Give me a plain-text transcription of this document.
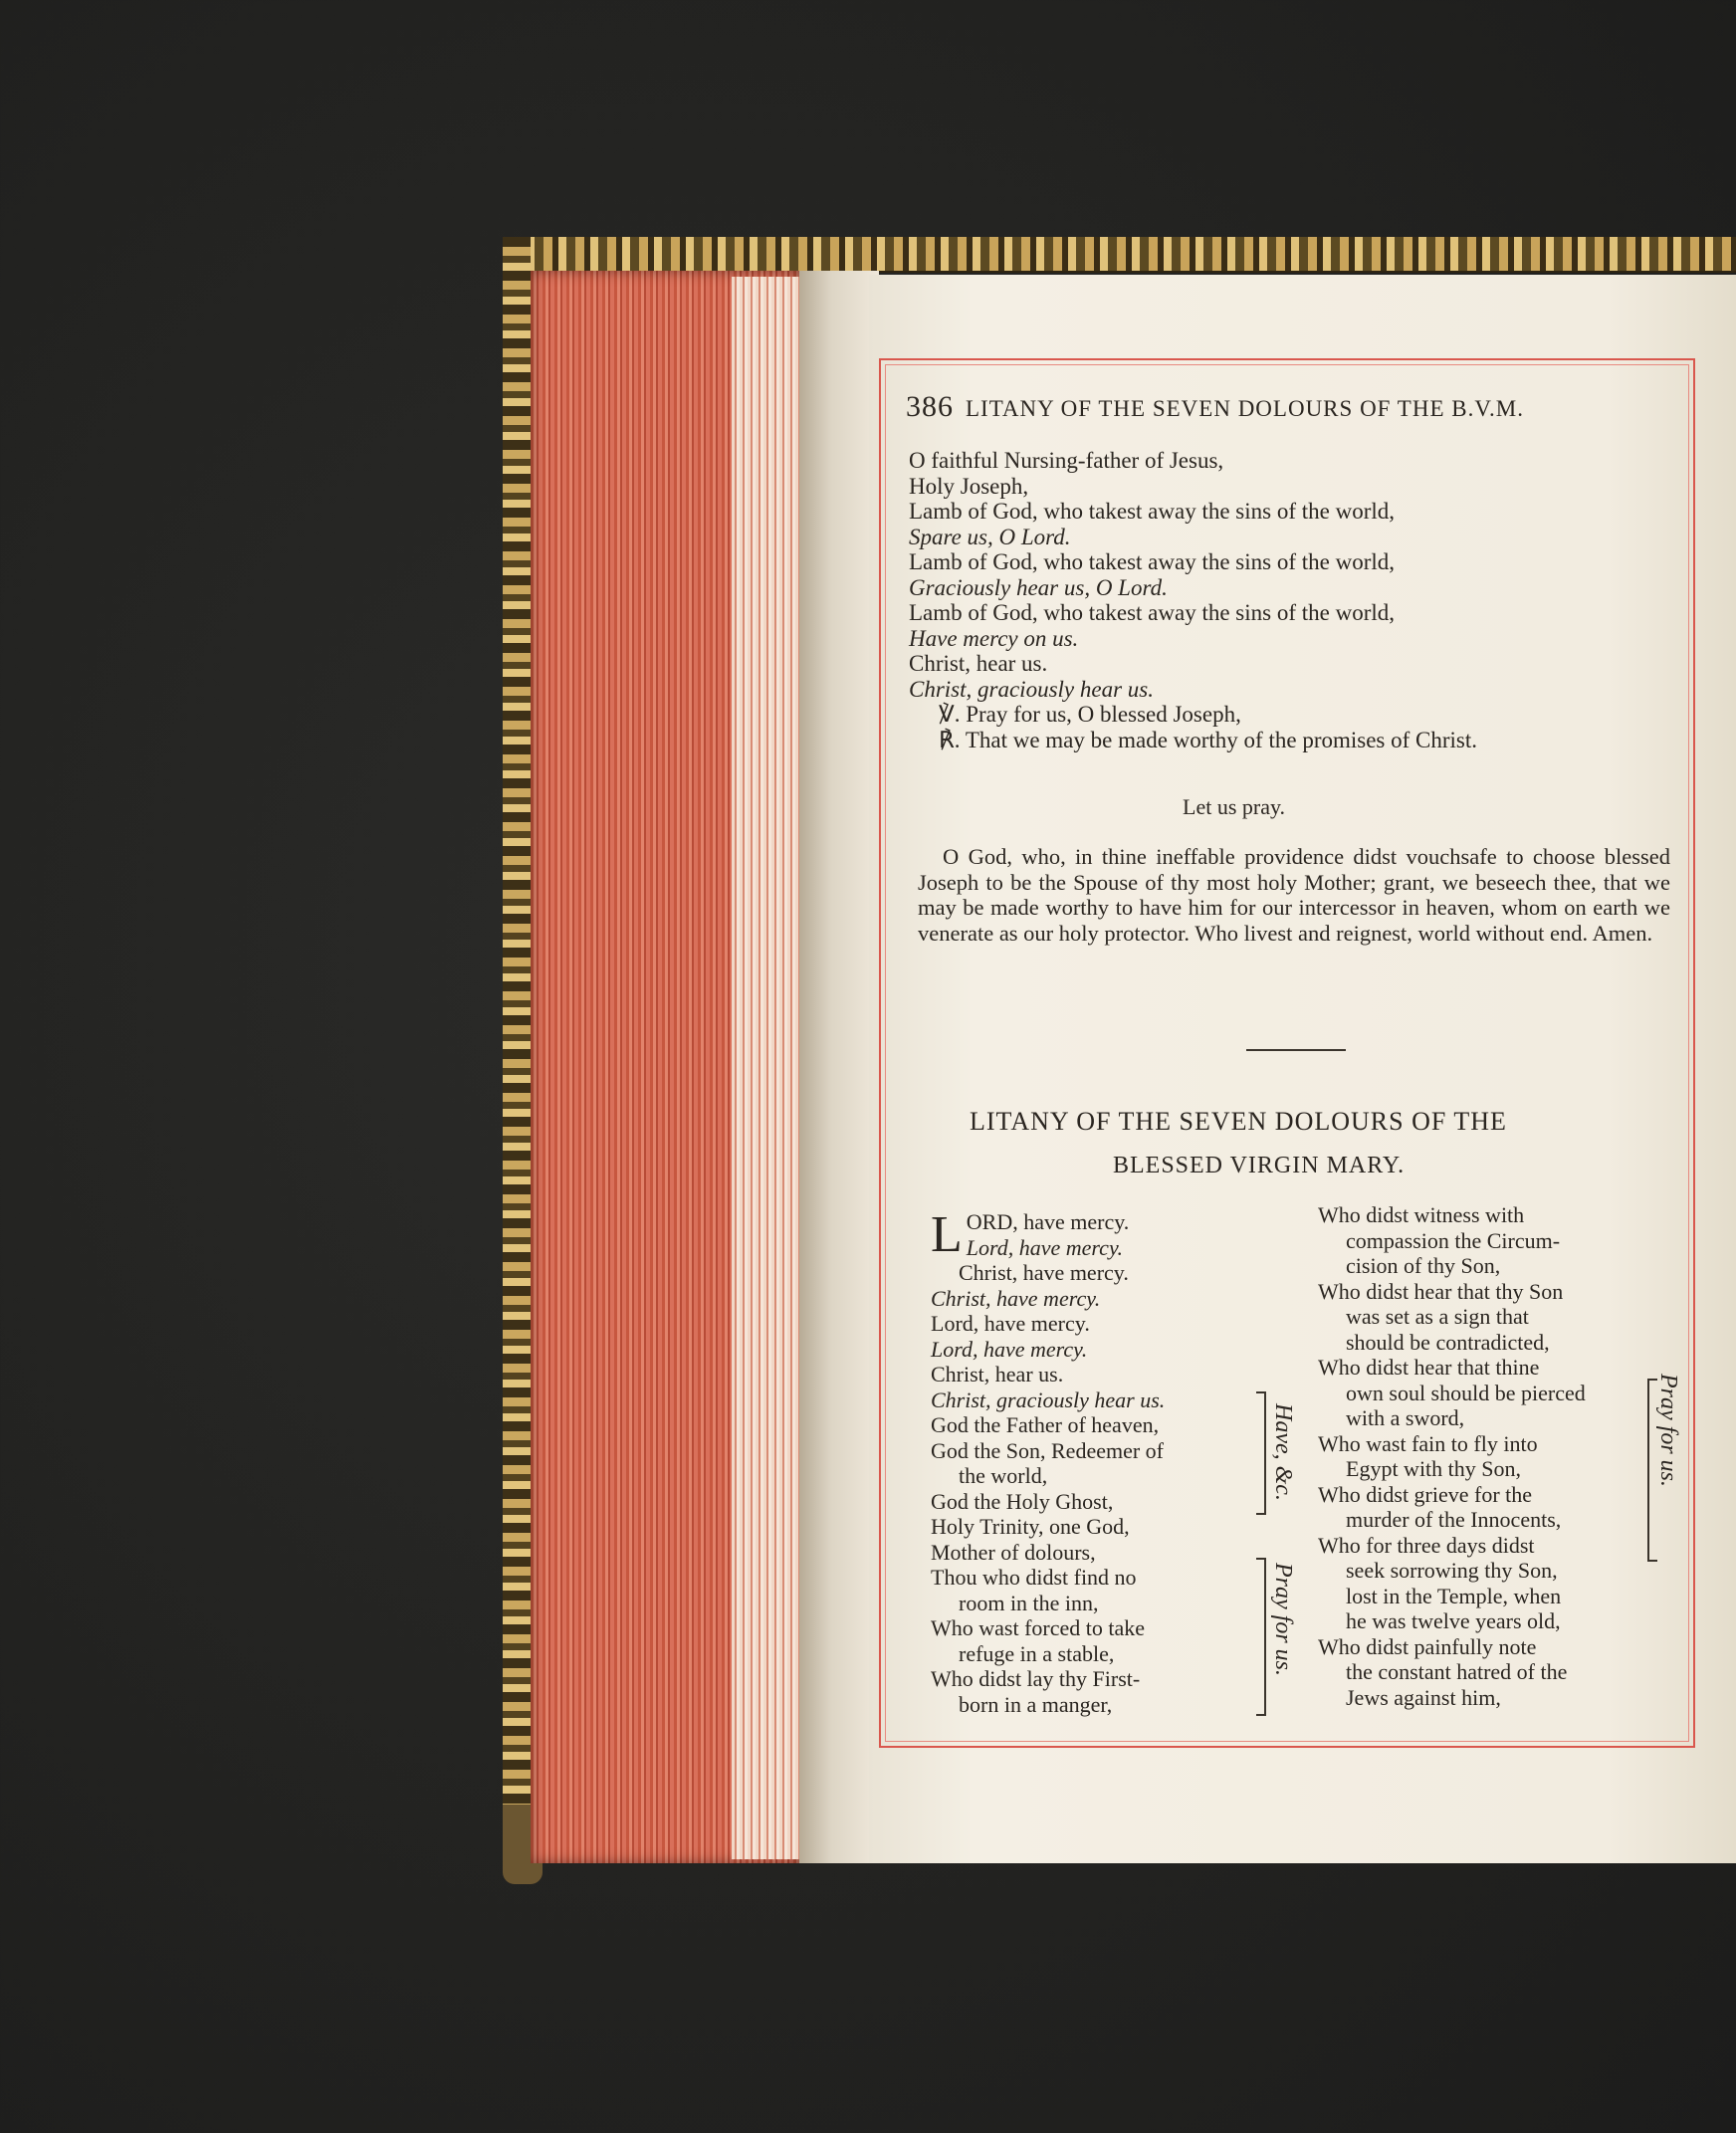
386 LITANY OF THE SEVEN DOLOURS OF THE B.V.M.
O faithful Nursing-father of Jesus,
Holy Joseph,
Lamb of God, who takest away the sins of the world,
Spare us, O Lord.
Lamb of God, who takest away the sins of the world,
Graciously hear us, O Lord.
Lamb of God, who takest away the sins of the world,
Have mercy on us.
Christ, hear us.
Christ, graciously hear us.
℣. Pray for us, O blessed Joseph,
℟. That we may be made worthy of the promises of Christ.
Let us pray.
O God, who, in thine ineffable providence didst vouchsafe to choose blessed Joseph to be the Spouse of thy most holy Mother; grant, we beseech thee, that we may be made worthy to have him for our intercessor in heaven, whom on earth we venerate as our holy protector. Who livest and reignest, world without end. Amen.
LITANY OF THE SEVEN DOLOURS OF THE
BLESSED VIRGIN MARY.
L ORD, have mercy.
Lord, have mercy.
Christ, have mercy.
Christ, have mercy.
Lord, have mercy.
Lord, have mercy.
Christ, hear us.
Christ, graciously hear us.
God the Father of heaven,
God the Son, Redeemer of
the world,
God the Holy Ghost,
Holy Trinity, one God,
Mother of dolours,
Thou who didst find no
room in the inn,
Who wast forced to take
refuge in a stable,
Who didst lay thy First-
born in a manger,
Who didst witness with
compassion the Circum-
cision of thy Son,
Who didst hear that thy Son
was set as a sign that
should be contradicted,
Who didst hear that thine
own soul should be pierced
with a sword,
Who wast fain to fly into
Egypt with thy Son,
Who didst grieve for the
murder of the Innocents,
Who for three days didst
seek sorrowing thy Son,
lost in the Temple, when
he was twelve years old,
Who didst painfully note
the constant hatred of the
Jews against him,
Have, &c.
Pray for us.
Pray for us.
